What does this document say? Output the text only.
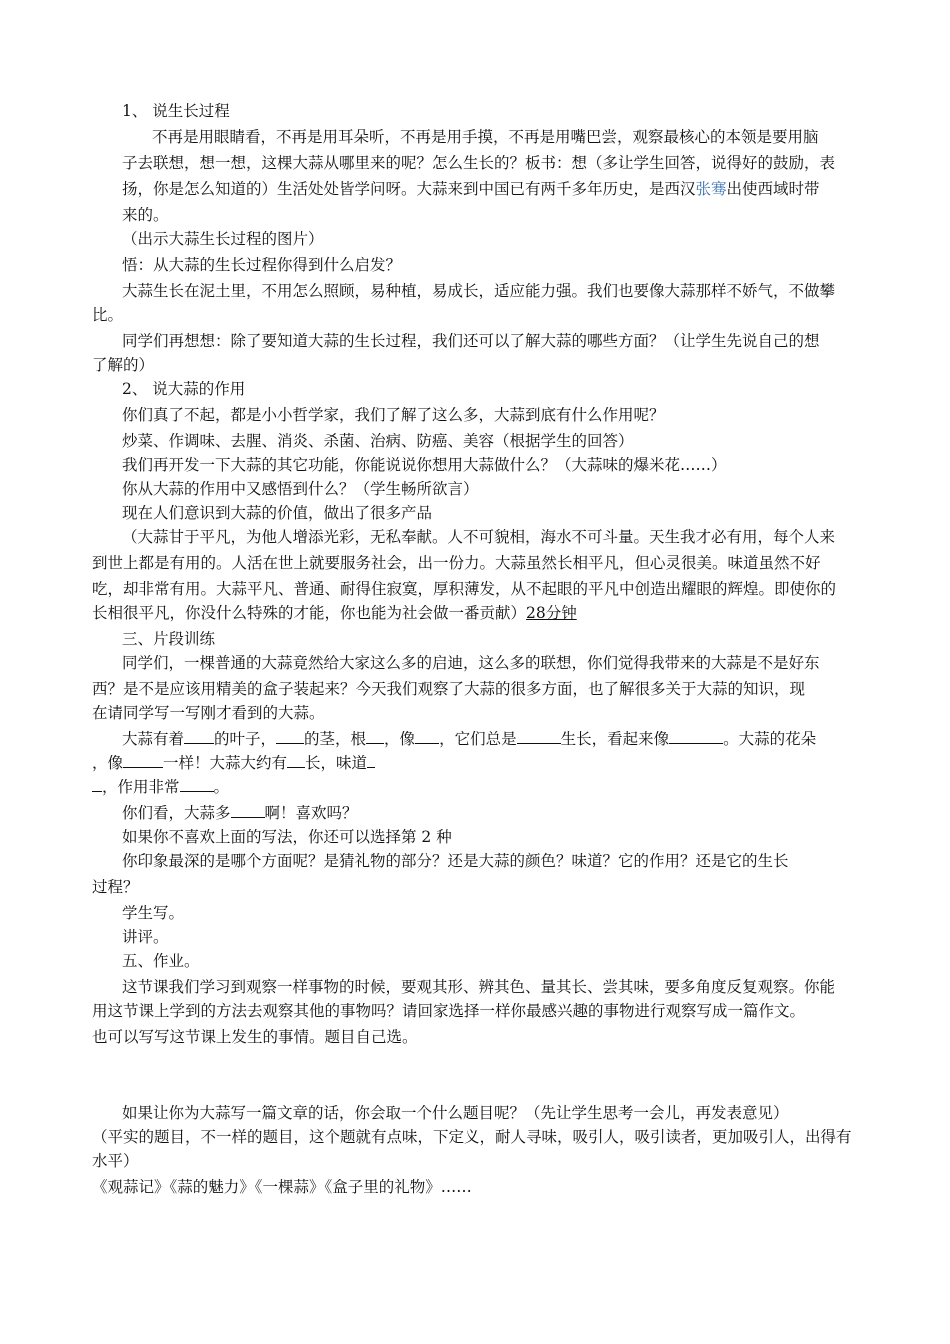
1、 说生长过程
不再是用眼睛看，不再是用耳朵听，不再是用手摸，不再是用嘴巴尝，观察最核心的本领是要用脑
子去联想，想一想，这棵大蒜从哪里来的呢？怎么生长的？板书：想（多让学生回答，说得好的鼓励，表
扬，你是怎么知道的）生活处处皆学问呀。大蒜来到中国已有两千多年历史，是西汉张骞出使西域时带
来的。
（出示大蒜生长过程的图片）
悟：从大蒜的生长过程你得到什么启发？
大蒜生长在泥土里，不用怎么照顾，易种植，易成长，适应能力强。我们也要像大蒜那样不娇气，不做攀
比。
同学们再想想：除了要知道大蒜的生长过程，我们还可以了解大蒜的哪些方面？（让学生先说自己的想
了解的）
2、 说大蒜的作用
你们真了不起，都是小小哲学家，我们了解了这么多，大蒜到底有什么作用呢？
炒菜、作调味、去腥、消炎、杀菌、治病、防癌、美容（根据学生的回答）
我们再开发一下大蒜的其它功能，你能说说你想用大蒜做什么？（大蒜味的爆米花……）
你从大蒜的作用中又感悟到什么？（学生畅所欲言）
现在人们意识到大蒜的价值，做出了很多产品
（大蒜甘于平凡，为他人增添光彩，无私奉献。人不可貌相，海水不可斗量。天生我才必有用，每个人来
到世上都是有用的。人活在世上就要服务社会，出一份力。大蒜虽然长相平凡，但心灵很美。味道虽然不好
吃，却非常有用。大蒜平凡、普通、耐得住寂寞，厚积薄发，从不起眼的平凡中创造出耀眼的辉煌。即使你的
长相很平凡，你没什么特殊的才能，你也能为社会做一番贡献）28分钟
三、片段训练
同学们，一棵普通的大蒜竟然给大家这么多的启迪，这么多的联想，你们觉得我带来的大蒜是不是好东
西？是不是应该用精美的盒子装起来？今天我们观察了大蒜的很多方面，也了解很多关于大蒜的知识，现
在请同学写一写刚才看到的大蒜。
大蒜有着 的叶子， 的茎，根 ，像 ，它们总是	生长，看起来像	。大蒜的花朵
，像	一样！大蒜大约有 长，味道
，作用非常 。
你们看，大蒜多 啊！喜欢吗？
如果你不喜欢上面的写法，你还可以选择第 2 种
你印象最深的是哪个方面呢？是猜礼物的部分？还是大蒜的颜色？味道？它的作用？还是它的生长
过程？
学生写。
讲评。
五、作业。
这节课我们学习到观察一样事物的时候，要观其形、辨其色、量其长、尝其味，要多角度反复观察。你能
用这节课上学到的方法去观察其他的事物吗？请回家选择一样你最感兴趣的事物进行观察写成一篇作文。
也可以写写这节课上发生的事情。题目自己选。
如果让你为大蒜写一篇文章的话，你会取一个什么题目呢？（先让学生思考一会儿，再发表意见）
（平实的题目，不一样的题目，这个题就有点味，下定义，耐人寻味，吸引人，吸引读者，更加吸引人，出得有
水平）
《观蒜记》《蒜的魅力》《一棵蒜》《盒子里的礼物》……
